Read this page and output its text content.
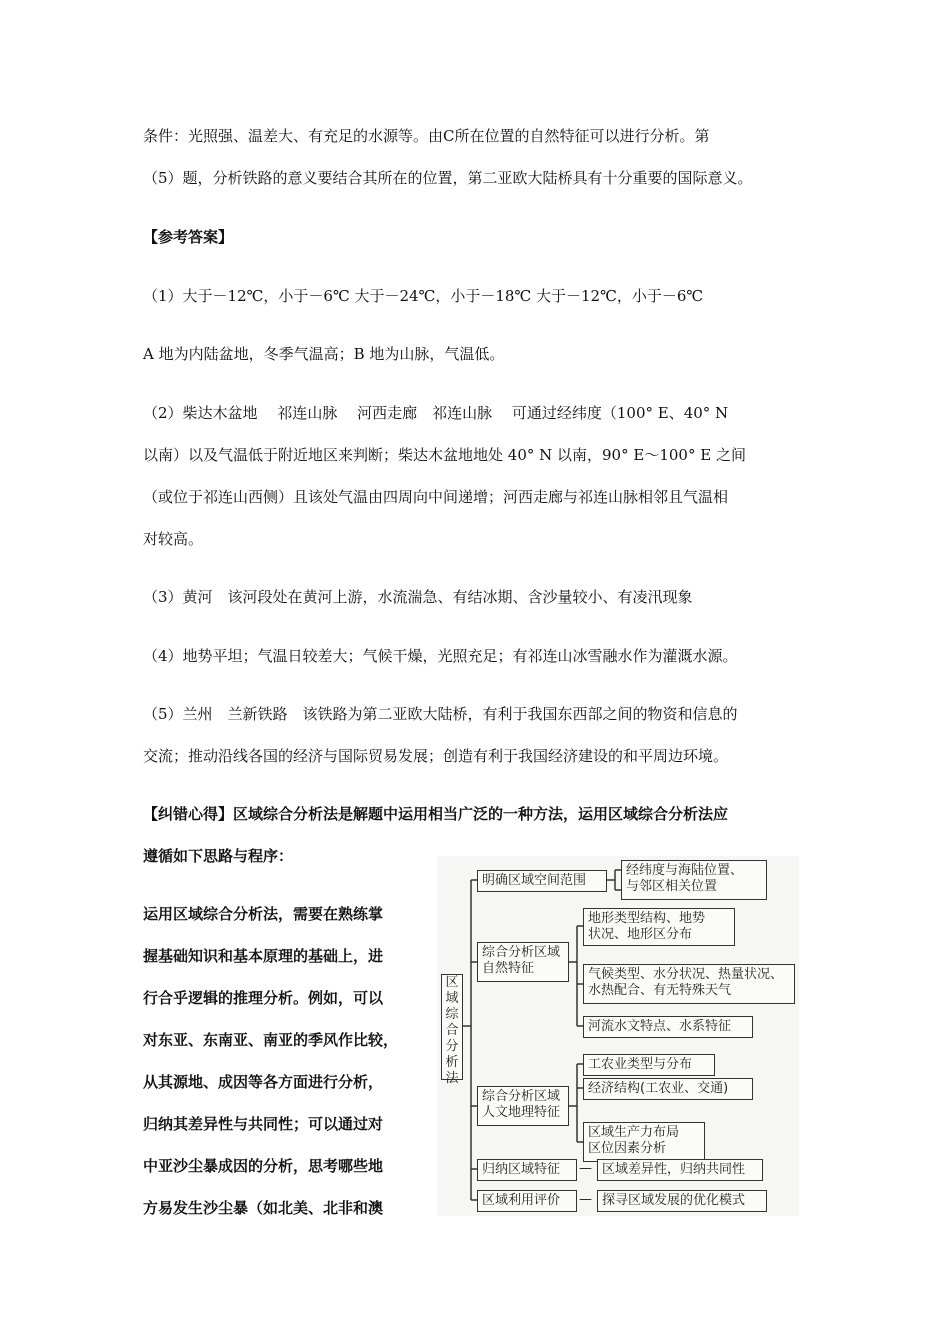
条件：光照强、温差大、有充足的水源等。由C所在位置的自然特征可以进行分析。第
（5）题，分析铁路的意义要结合其所在的位置，第二亚欧大陆桥具有十分重要的国际意义。
【参考答案】
（1）大于－12℃，小于－6℃ 大于－24℃，小于－18℃ 大于－12℃，小于－6℃
A 地为内陆盆地，冬季气温高；B 地为山脉，气温低。
（2）柴达木盆地　 祁连山脉　 河西走廊　祁连山脉　 可通过经纬度（100° E、40° N
以南）以及气温低于附近地区来判断；柴达木盆地地处 40° N 以南，90° E～100° E 之间
（或位于祁连山西侧）且该处气温由四周向中间递增；河西走廊与祁连山脉相邻且气温相
对较高。
（3）黄河　该河段处在黄河上游，水流湍急、有结冰期、含沙量较小、有凌汛现象
（4）地势平坦；气温日较差大；气候干燥，光照充足；有祁连山冰雪融水作为灌溉水源。
（5）兰州　兰新铁路　该铁路为第二亚欧大陆桥，有利于我国东西部之间的物资和信息的
交流；推动沿线各国的经济与国际贸易发展；创造有利于我国经济建设的和平周边环境。
【纠错心得】区域综合分析法是解题中运用相当广泛的一种方法，运用区域综合分析法应
遵循如下思路与程序：
运用区域综合分析法，需要在熟练掌
握基础知识和基本原理的基础上，进
行合乎逻辑的推理分析。例如，可以
对东亚、东南亚、南亚的季风作比较，
从其源地、成因等各方面进行分析，
归纳其差异性与共同性；可以通过对
中亚沙尘暴成因的分析，思考哪些地
方易发生沙尘暴（如北美、北非和澳
区
域
综
合
分
析
法
明确区域空间范围
经纬度与海陆位置、
与邻区相关位置
综合分析区域
自然特征
地形类型结构、地势
状况、地形区分布
气候类型、水分状况、热量状况、
水热配合、有无特殊天气
河流水文特点、水系特征
综合分析区域
人文地理特征
工农业类型与分布
经济结构(工农业、交通)
区域生产力布局
区位因素分析
归纳区域特征	— 区域差异性，归纳共同性
区域利用评价	— 探寻区域发展的优化模式
